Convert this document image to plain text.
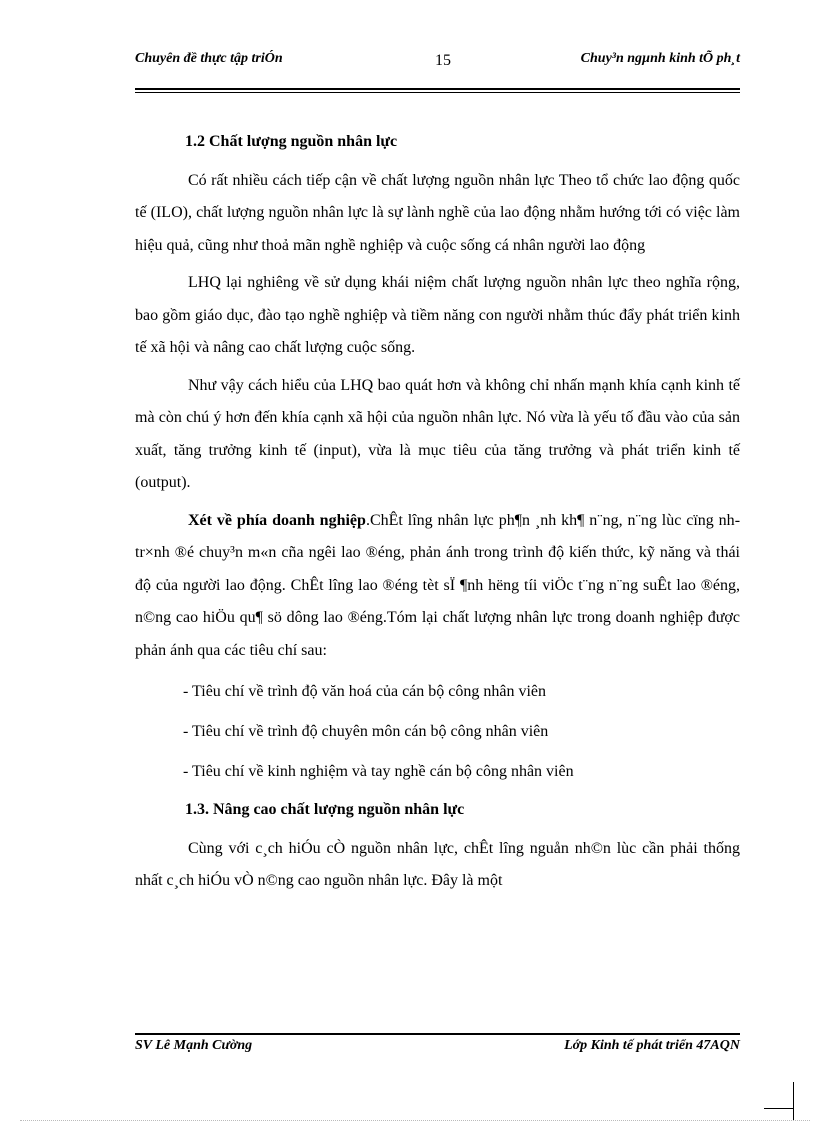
Chuyên đề thực tập triÓn	15	Chuy³n ngµnh kinh tÕ ph¸t

1.2 Chất lượng nguồn nhân lực

Có rất nhiều cách tiếp cận về chất lượng nguồn nhân lực Theo tổ chức lao động quốc tế (ILO), chất lượng nguồn nhân lực là sự lành nghề của lao động nhằm hướng tới có việc làm hiệu quả, cũng như thoả mãn nghề nghiệp và cuộc sống cá nhân người lao động

LHQ lại nghiêng về sử dụng khái niệm chất lượng nguồn nhân lực theo nghĩa rộng, bao gồm giáo dục, đào tạo nghề nghiệp và tiềm năng con người nhằm thúc đẩy phát triển kinh tế xã hội và nâng cao chất lượng cuộc sống.

Như vậy cách hiểu của LHQ bao quát hơn và không chỉ nhấn mạnh khía cạnh kinh tế mà còn chú ý hơn đến khía cạnh xã hội của nguồn nhân lực. Nó vừa là yếu tố đầu vào của sản xuất, tăng trưởng kinh tế (input), vừa là mục tiêu của tăng trưởng và phát triển kinh tế (output).

Xét về phía doanh nghiệp.ChÊt lîng nhân lực ph¶n ¸nh kh¶ n¨ng, n¨ng lùc cïng nh tr×nh ®é chuy³n m«n cña ngêi lao ®éng, phản ánh trong trình độ kiến thức, kỹ năng và thái độ của người lao động. ChÊt lîng lao ®éng tèt sÏ ¶nh hëng tíi viÖc t¨ng n¨ng suÊt lao ®éng, n©ng cao hiÖu qu¶ sö dông lao ®éng.Tóm lại chất lượng nhân lực trong doanh nghiệp được phản ánh qua các tiêu chí sau:

- Tiêu chí về trình độ văn hoá của cán bộ công nhân viên

- Tiêu chí về trình độ chuyên môn cán bộ công nhân viên

- Tiêu chí về kinh nghiệm và tay nghề cán bộ công nhân viên

1.3. Nâng cao chất lượng nguồn nhân lực

Cùng với c¸ch hiÓu cÒ nguồn nhân lực, chÊt lîng nguån nh©n lùc cần phải thống nhất c¸ch hiÓu vÒ n©ng cao nguồn nhân lực. Đây là một

SV Lê Mạnh Cường	Lớp Kinh tế phát triển 47AQN
